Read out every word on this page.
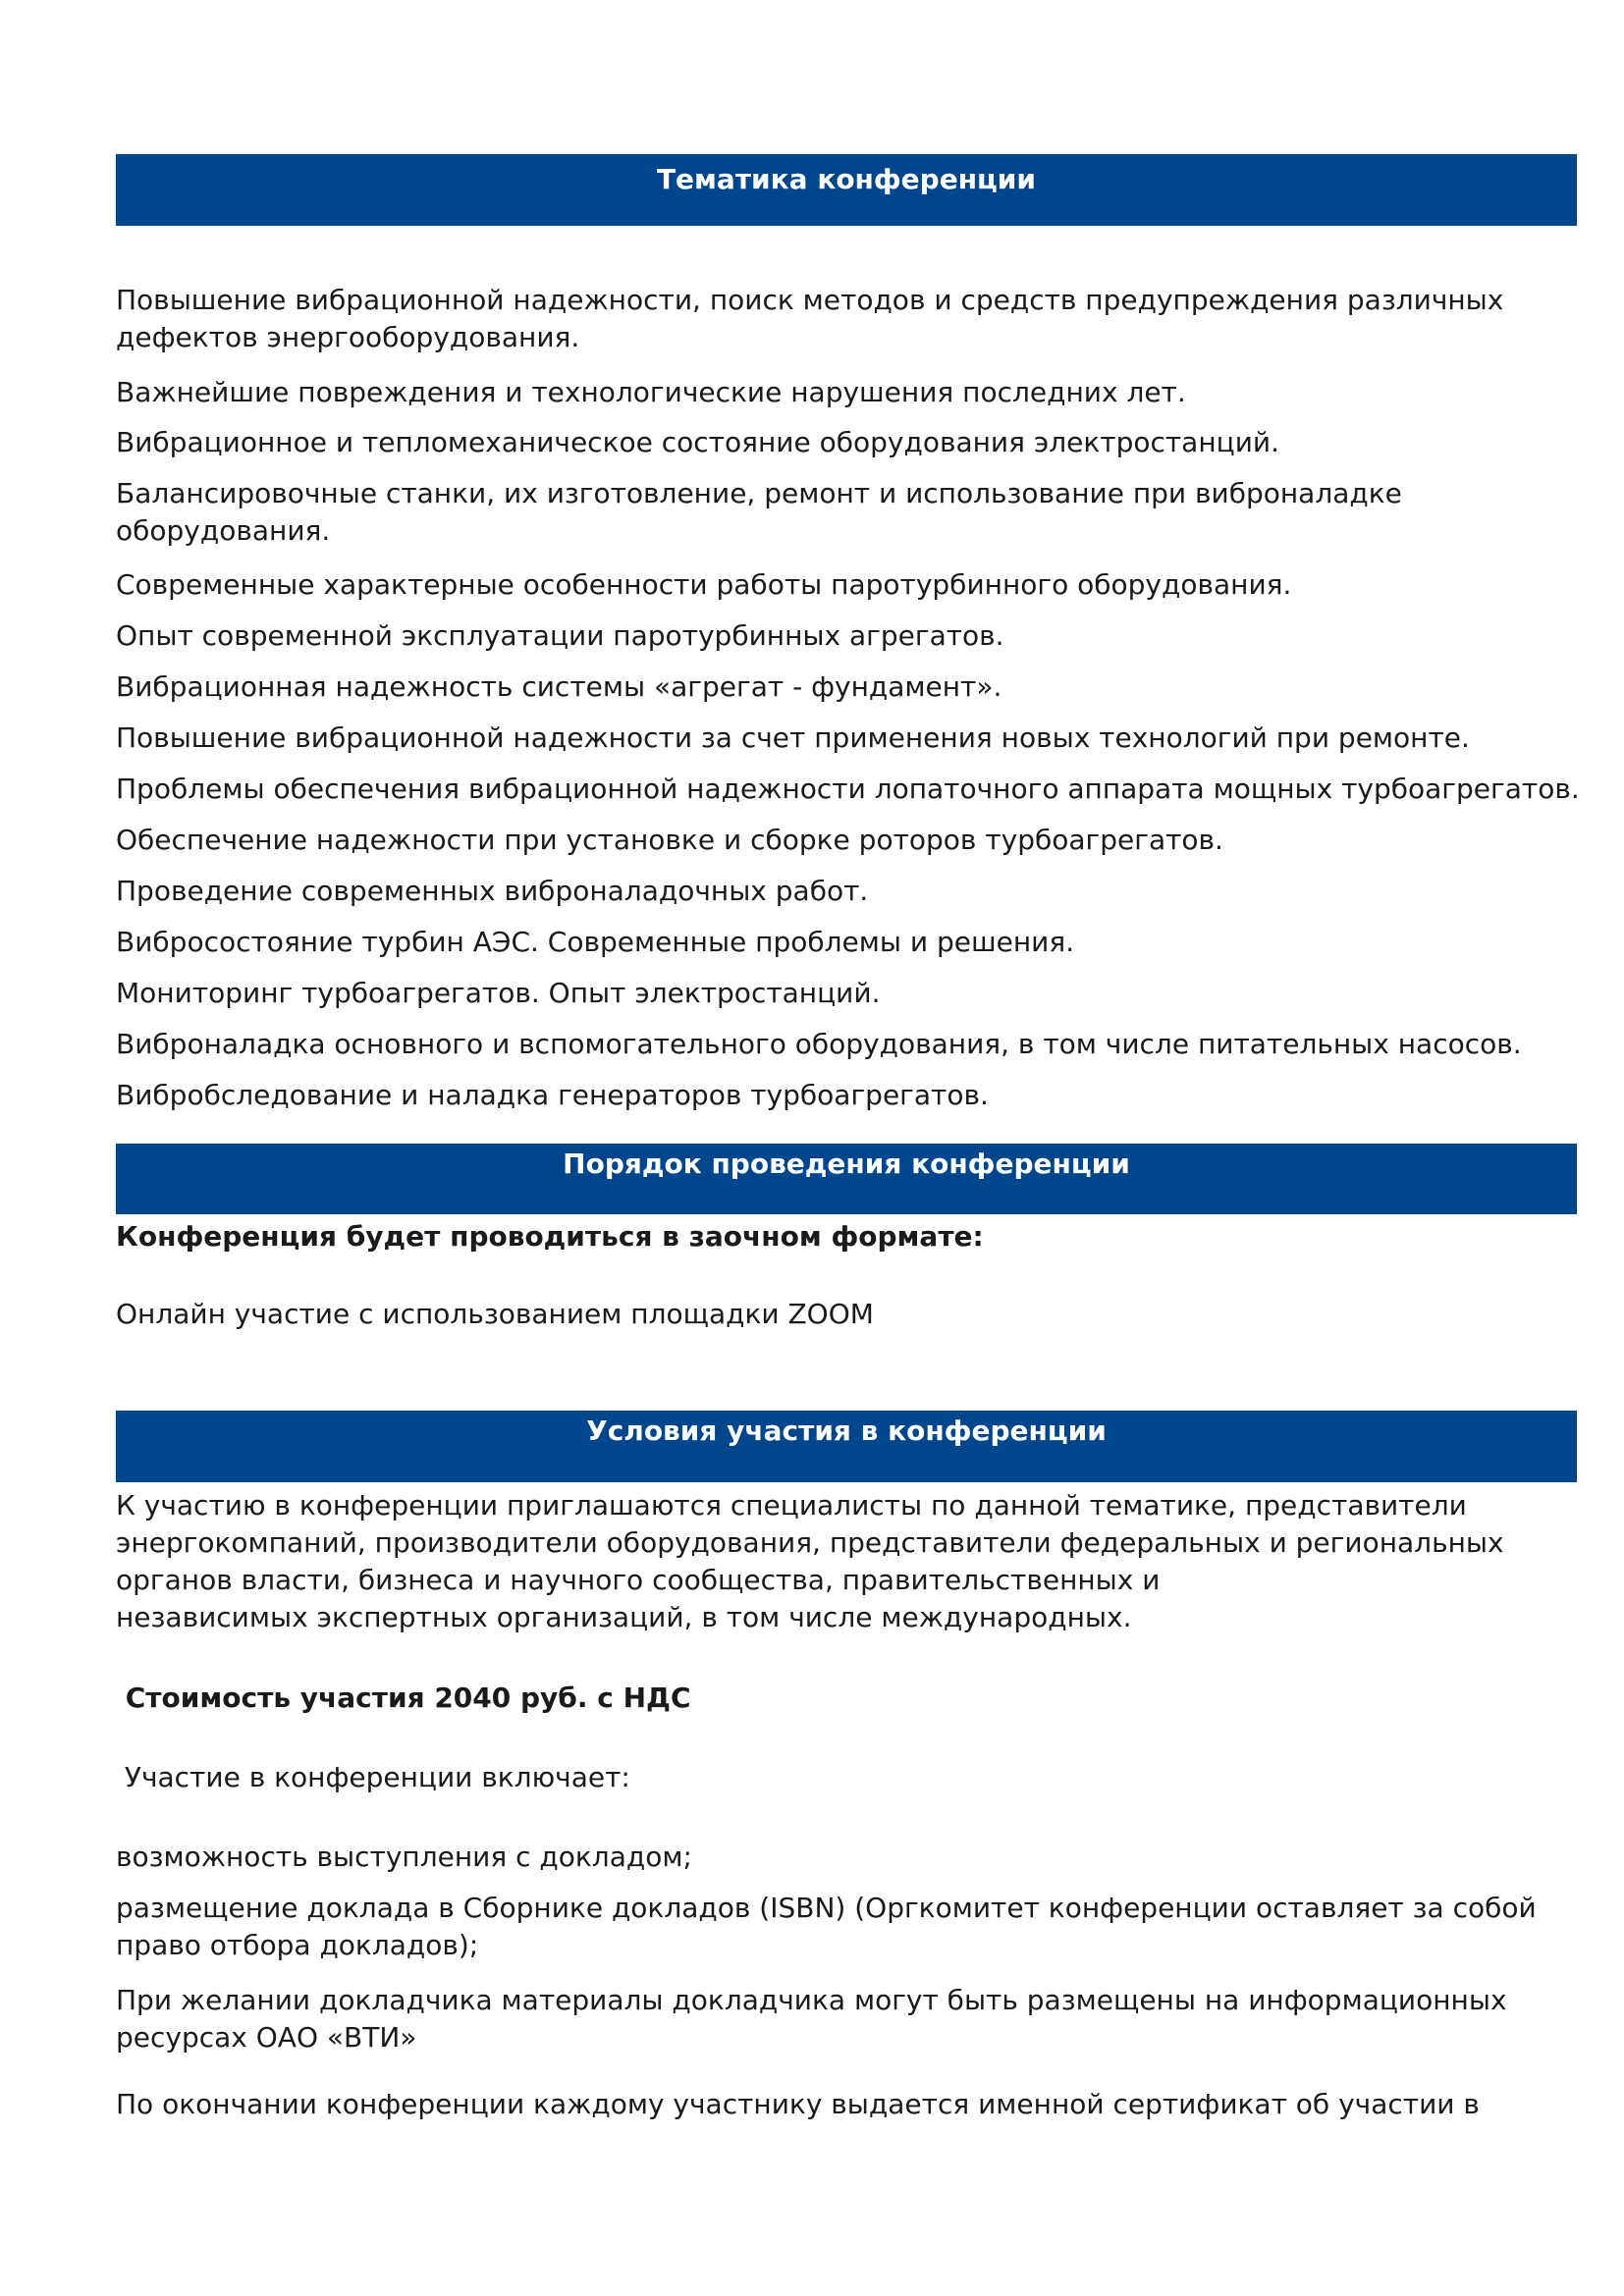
Тематика конференции

Повышение вибрационной надежности, поиск методов и средств предупреждения различных
дефектов энергооборудования.

Важнейшие повреждения и технологические нарушения последних лет.

Вибрационное и тепломеханическое состояние оборудования электростанций.

Балансировочные станки, их изготовление, ремонт и использование при виброналадке
оборудования.

Современные характерные особенности работы паротурбинного оборудования.

Опыт современной эксплуатации паротурбинных агрегатов.

Вибрационная надежность системы «агрегат - фундамент».

Повышение вибрационной надежности за счет применения новых технологий при ремонте.

Проблемы обеспечения вибрационной надежности лопаточного аппарата мощных турбоагрегатов.

Обеспечение надежности при установке и сборке роторов турбоагрегатов.

Проведение современных виброналадочных работ.

Вибросостояние турбин АЭС. Современные проблемы и решения.

Мониторинг турбоагрегатов. Опыт электростанций.

Виброналадка основного и вспомогательного оборудования, в том числе питательных насосов.

Вибробследование и наладка генераторов турбоагрегатов.

Порядок проведения конференции

Конференция будет проводиться в заочном формате:

Онлайн участие с использованием площадки ZOOM

Условия участия в конференции

К участию в конференции приглашаются специалисты по данной тематике, представители
энергокомпаний, производители оборудования, представители федеральных и региональных
органов власти, бизнеса и научного сообщества, правительственных и
независимых экспертных организаций, в том числе международных.

Стоимость участия 2040 руб. с НДС

Участие в конференции включает:

возможность выступления с докладом;

размещение доклада в Сборнике докладов (ISBN) (Оргкомитет конференции оставляет за собой
право отбора докладов);

При желании докладчика материалы докладчика могут быть размещены на информационных
ресурсах ОАО «ВТИ»

По окончании конференции каждому участнику выдается именной сертификат об участии в
